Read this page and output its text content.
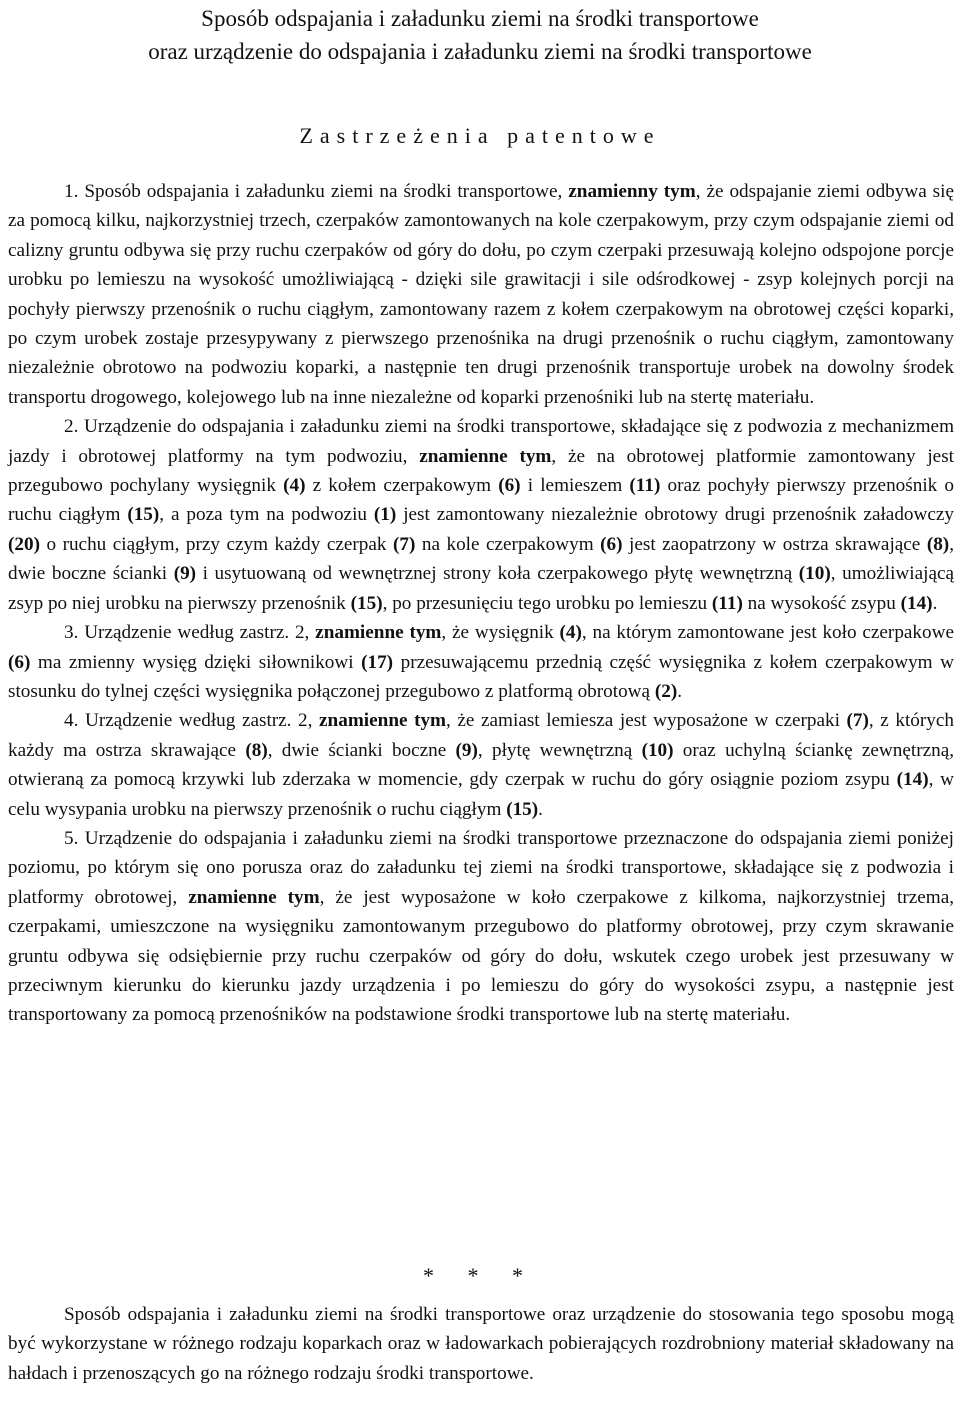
Sposób odspajania i załadunku ziemi na środki transportowe
oraz urządzenie do odspajania i załadunku ziemi na środki transportowe
Zastrzeżenia patentowe

1. Sposób odspajania i załadunku ziemi na środki transportowe, znamienny tym, że odspajanie ziemi odbywa się za pomocą kilku, najkorzystniej trzech, czerpaków zamontowanych na kole czerpakowym, przy czym odspajanie ziemi od calizny gruntu odbywa się przy ruchu czerpaków od góry do dołu, po czym czerpaki przesuwają kolejno odspojone porcje urobku po lemieszu na wysokość umożliwiającą - dzięki sile grawitacji i sile odśrodkowej - zsyp kolejnych porcji na pochyły pierwszy przenośnik o ruchu ciągłym, zamontowany razem z kołem czerpakowym na obrotowej części koparki, po czym urobek zostaje przesypywany z pierwszego przenośnika na drugi przenośnik o ruchu ciągłym, zamontowany niezależnie obrotowo na podwoziu koparki, a następnie ten drugi przenośnik transportuje urobek na dowolny środek transportu drogowego, kolejowego lub na inne niezależne od koparki przenośniki lub na stertę materiału.

2. Urządzenie do odspajania i załadunku ziemi na środki transportowe, składające się z podwozia z mechanizmem jazdy i obrotowej platformy na tym podwoziu, znamienne tym, że na obrotowej platformie zamontowany jest przegubowo pochylany wysięgnik (4) z kołem czerpakowym (6) i lemieszem (11) oraz pochyły pierwszy przenośnik o ruchu ciągłym (15), a poza tym na podwoziu (1) jest zamontowany niezależnie obrotowy drugi przenośnik załadowczy (20) o ruchu ciągłym, przy czym każdy czerpak (7) na kole czerpakowym (6) jest zaopatrzony w ostrza skrawające (8), dwie boczne ścianki (9) i usytuowaną od wewnętrznej strony koła czerpakowego płytę wewnętrzną (10), umożliwiającą zsyp po niej urobku na pierwszy przenośnik (15), po przesunięciu tego urobku po lemieszu (11) na wysokość zsypu (14).

3. Urządzenie według zastrz. 2, znamienne tym, że wysięgnik (4), na którym zamontowane jest koło czerpakowe (6) ma zmienny wysięg dzięki siłownikowi (17) przesuwającemu przednią część wysięgnika z kołem czerpakowym w stosunku do tylnej części wysięgnika połączonej przegubowo z platformą obrotową (2).

4. Urządzenie według zastrz. 2, znamienne tym, że zamiast lemiesza jest wyposażone w czerpaki (7), z których każdy ma ostrza skrawające (8), dwie ścianki boczne (9), płytę wewnętrzną (10) oraz uchylną ściankę zewnętrzną, otwieraną za pomocą krzywki lub zderzaka w momencie, gdy czerpak w ruchu do góry osiągnie poziom zsypu (14), w celu wysypania urobku na pierwszy przenośnik o ruchu ciągłym (15).

5. Urządzenie do odspajania i załadunku ziemi na środki transportowe przeznaczone do odspajania ziemi poniżej poziomu, po którym się ono porusza oraz do załadunku tej ziemi na środki transportowe, składające się z podwozia i platformy obrotowej, znamienne tym, że jest wyposażone w koło czerpakowe z kilkoma, najkorzystniej trzema, czerpakami, umieszczone na wysięgniku zamontowanym przegubowo do platformy obrotowej, przy czym skrawanie gruntu odbywa się odsiębiernie przy ruchu czerpaków od góry do dołu, wskutek czego urobek jest przesuwany w przeciwnym kierunku do kierunku jazdy urządzenia i po lemieszu do góry do wysokości zsypu, a następnie jest transportowany za pomocą przenośników na podstawione środki transportowe lub na stertę materiału.

* * *

Sposób odspajania i załadunku ziemi na środki transportowe oraz urządzenie do stosowania tego sposobu mogą być wykorzystane w różnego rodzaju koparkach oraz w ładowarkach pobierających rozdrobniony materiał składowany na hałdach i przenoszących go na różnego rodzaju środki transportowe.
